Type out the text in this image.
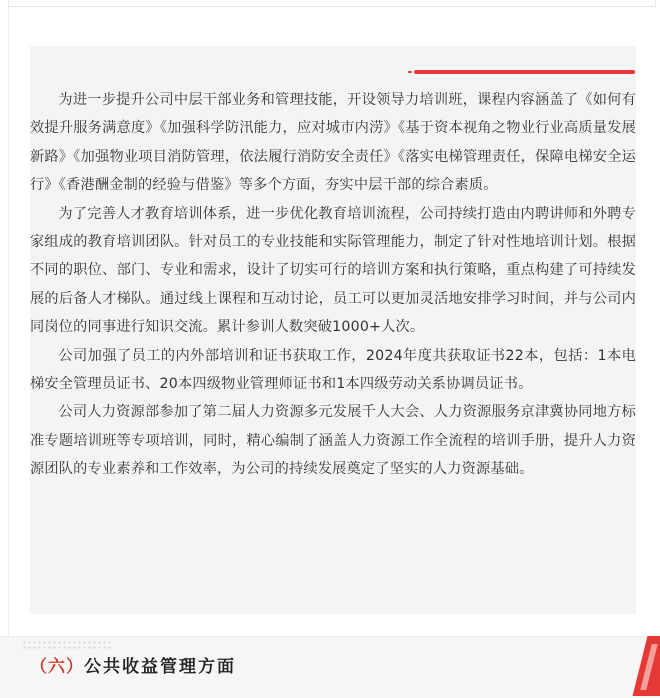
为进一步提升公司中层干部业务和管理技能，开设领导力培训班，课程内容涵盖了《如何有效提升服务满意度》《加强科学防汛能力，应对城市内涝》《基于资本视角之物业行业高质量发展新路》《加强物业项目消防管理，依法履行消防安全责任》《落实电梯管理责任，保障电梯安全运行》《香港酬金制的经验与借鉴》等多个方面，夯实中层干部的综合素质。

为了完善人才教育培训体系，进一步优化教育培训流程，公司持续打造由内聘讲师和外聘专家组成的教育培训团队。针对员工的专业技能和实际管理能力，制定了针对性地培训计划。根据不同的职位、部门、专业和需求，设计了切实可行的培训方案和执行策略，重点构建了可持续发展的后备人才梯队。通过线上课程和互动讨论，员工可以更加灵活地安排学习时间，并与公司内同岗位的同事进行知识交流。累计参训人数突破1000+人次。

公司加强了员工的内外部培训和证书获取工作，2024年度共获取证书22本，包括：1本电梯安全管理员证书、20本四级物业管理师证书和1本四级劳动关系协调员证书。

公司人力资源部参加了第二届人力资源多元发展千人大会、人力资源服务京津冀协同地方标准专题培训班等专项培训，同时，精心编制了涵盖人力资源工作全流程的培训手册，提升人力资源团队的专业素养和工作效率，为公司的持续发展奠定了坚实的人力资源基础。

（六） 公共收益管理方面
